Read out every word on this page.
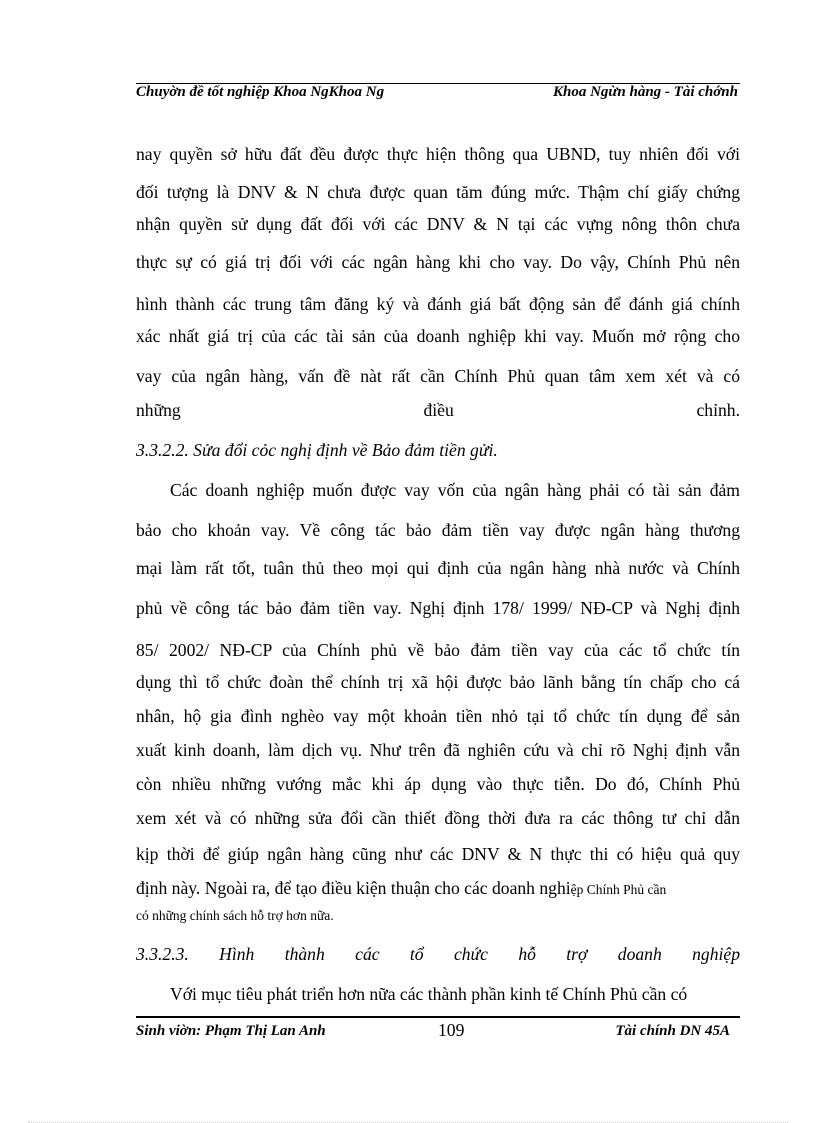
Chuyờn đề tốt nghiệp Khoa NgKhoa Ng	Khoa Ngừn hàng - Tài chớnh
nay quyền sở hữu đất đều được thực hiện thông qua UBND, tuy nhiên đối với
đối tượng là DNV & N chưa được quan tăm đúng mức. Thậm chí giấy chứng
nhận quyền sử dụng đất đối với các DNV & N tại các vựng nông thôn chưa
thực sự có giá trị đối với các ngân hàng khi cho vay. Do vậy, Chính Phủ nên
hình thành các trung tâm đăng ký và đánh giá bất động sản để đánh giá chính
xác nhất giá trị của các tài sản của doanh nghiệp khi vay. Muốn mở rộng cho
vay của ngân hàng, vấn đề nàt rất cần Chính Phủ quan tâm xem xét và có
những điều chỉnh.
3.3.2.2. Sửa đổi cỏc nghị định về Bảo đảm tiền gửi.
Các doanh nghiệp muốn được vay vốn của ngân hàng phải có tài sản đảm
bảo cho khoản vay. Về công tác bảo đảm tiền vay được ngân hàng thương
mại làm rất tốt, tuân thủ theo mọi qui định của ngân hàng nhà nước và Chính
phủ về công tác bảo đảm tiền vay. Nghị định 178/ 1999/ NĐ-CP và Nghị định
85/ 2002/ NĐ-CP của Chính phủ về bảo đảm tiền vay của các tổ chức tín
dụng thì tổ chức đoàn thể chính trị xã hội được bảo lãnh bằng tín chấp cho cá
nhân, hộ gia đình nghèo vay một khoản tiền nhỏ tại tổ chức tín dụng để sản
xuất kinh doanh, làm dịch vụ. Như trên đã nghiên cứu và chỉ rõ Nghị định vẫn
còn nhiều những vướng mắc khi áp dụng vào thực tiễn. Do đó, Chính Phủ
xem xét và có những sửa đổi cần thiết đồng thời đưa ra các thông tư chỉ dẫn
kịp thời để giúp ngân hàng cũng như các DNV & N thực thi có hiệu quả quy
định này. Ngoài ra, để tạo điều kiện thuận cho các doanh nghiệp Chính Phủ cần
có những chính sách hỗ trợ hơn nữa.
3.3.2.3. Hình thành các tổ chức hỗ trợ doanh nghiệp
Với mục tiêu phát triển hơn nữa các thành phần kinh tế Chính Phủ cần có
Sinh viờn: Phạm Thị Lan Anh	109	Tài chính DN 45A
